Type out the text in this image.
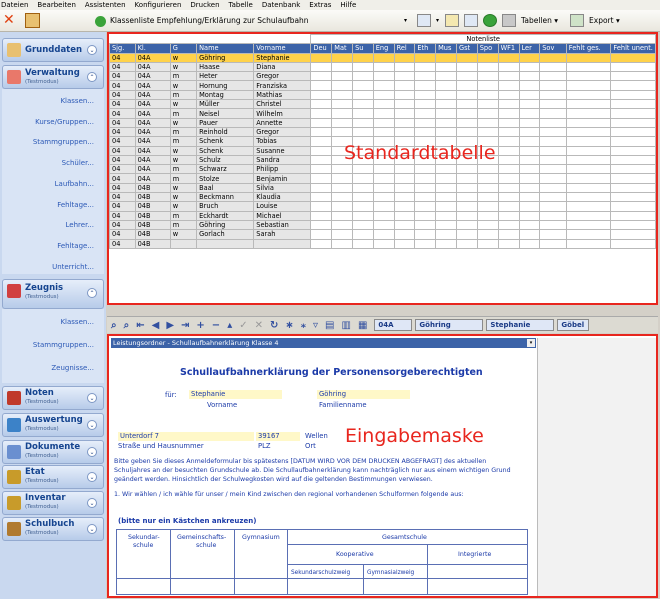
Dateien Bearbeiten Assistenten Konfigurieren Drucken Tabelle Datenbank Extras Hilfe
✕	Klassenliste Empfehlung/Erklärung zur Schulaufbahn	▾	▾	Tabellen ▾	Export ▾
Grunddaten	⌄
Verwaltung
(Testmodus)
⌃
Klassen...
Kurse/Gruppen...
Stammgruppen...
Schüler...
Laufbahn...
Fehltage...
Lehrer...
Fehltage...
Unterricht...
Zeugnis
(Testmodus)	⌃
Klassen...
Stammgruppen...
Zeugnisse...
Noten
(Testmodus)	⌄
Auswertung
(Testmodus)	⌄
Dokumente
(Testmodus)	⌄
Etat
(Testmodus)	⌄
Inventar
(Testmodus)	⌄
Schulbuch
(Testmodus)	⌄
					Notenliste													
Sjg.	Kl.	G	Name	Vorname	Deu	Mat	Su	Eng	Rel	Eth	Mus	Gst	Spo	WF1	Ler	Sov	Fehlt ges.	Fehlt unent.
04	04A	w	Göhring	Stephanie														
04	04A	w	Haase	Diana														
04	04A	m	Heter	Gregor														
04	04A	w	Hornung	Franziska														
04	04A	m	Montag	Mathias														
04	04A	w	Müller	Christel														
04	04A	m	Neisel	Wilhelm														
04	04A	w	Pauer	Annette														
04	04A	m	Reinhold	Gregor														
04	04A	m	Schenk	Tobias														
04	04A	w	Schenk	Susanne														
04	04A	w	Schulz	Sandra														
04	04A	m	Schwarz	Philipp														
04	04A	m	Stolze	Benjamin														
04	04B	w	Baal	Silvia														
04	04B	w	Beckmann	Klaudia														
04	04B	w	Bruch	Louise														
04	04B	m	Eckhardt	Michael														
04	04B	m	Göhring	Sebastian														
04	04B	w	Gorlach	Sarah														
04	04B																	
Standardtabelle
⌕ ⌕ ⇤ ◀ ▶ ⇥ + − ▴ ✓ ✕ ↻ ∗ ⁎ ▿ ▤ ▥ ▦	04A	Göhring	Stephanie	Göbel
Leistungsordner - Schullaufbahnerklärung Klasse 4	▾
Schullaufbahnerklärung der Personensorgeberechtigten
für: Stephanie	Göhring
Vorname	Familienname
Unterdorf 7	39167	Wellen
Straße und Hausnummer	PLZ	Ort Eingabemaske
Bitte geben Sie dieses Anmeldeformular bis spätestens [DATUM WIRD VOR DEM DRUCKEN ABGEFRAGT] des aktuellen
Schuljahres an der besuchten Grundschule ab. Die Schullaufbahnerklärung kann nachträglich nur aus einem wichtigen Grund
geändert werden. Hinsichtlich der Schulwegkosten wird auf die geltenden Bestimmungen verwiesen.
1. Wir wählen / ich wähle für unser / mein Kind zwischen den regional vorhandenen Schulformen folgende aus:
(bitte nur ein Kästchen ankreuzen)
Sekundar-
schule
Gemeinschafts-
schule
Gymnasium	Gesamtschule
Kooperative	Integrierte
Sekundarschulzweig	Gymnasialzweig
